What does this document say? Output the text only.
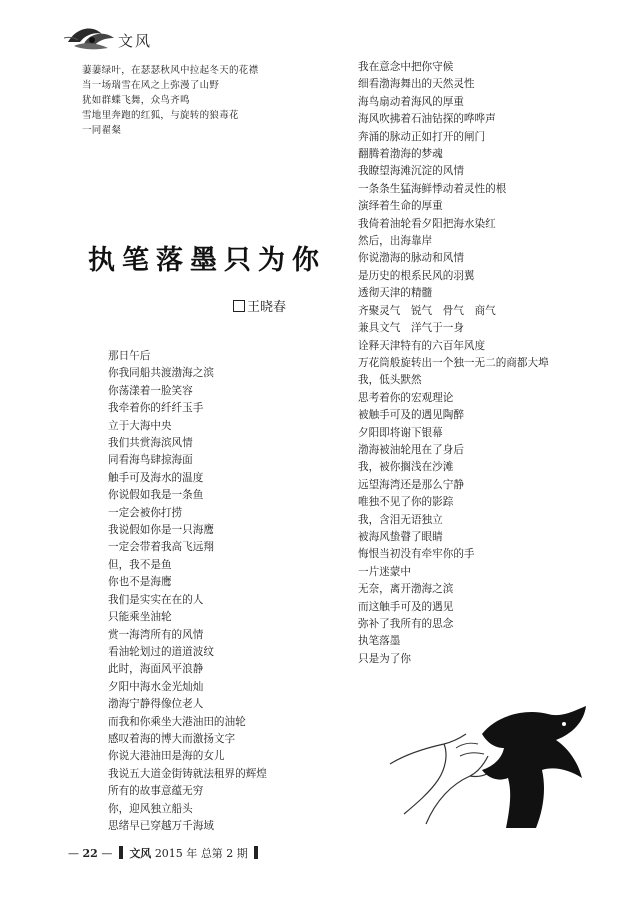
文风
萋萋绿叶，在瑟瑟秋风中拉起冬天的花襟
当一场瑞雪在风之上弥漫了山野
犹如群蝶飞舞，众鸟齐鸣
雪地里奔跑的红狐，与旋转的狼毒花
一同翟粲
执笔落墨只为你
王晓春
那日午后
你我同船共渡渤海之滨
你荡漾着一脸笑容
我牵着你的纤纤玉手
立于大海中央
我们共赏海滨风情
同看海鸟肆掠海面
触手可及海水的温度
你说假如我是一条鱼
一定会被你打捞
我说假如你是一只海鹰
一定会带着我高飞远翔
但，我不是鱼
你也不是海鹰
我们是实实在在的人
只能乘坐油轮
赏一海湾所有的风情
看油轮划过的道道波纹
此时，海面风平浪静
夕阳中海水金光灿灿
渤海宁静得像位老人
而我和你乘坐大港油田的油轮
感叹着海的博大而激扬文字
你说大港油田是海的女儿
我说五大道金街铸就法租界的辉煌
所有的故事意蕴无穷
你，迎风独立船头
思绪早已穿越万千海域
我在意念中把你守候
细看渤海舞出的天然灵性
海鸟扇动着海风的厚重
海风吹拂着石油钻探的哗哗声
奔涌的脉动正如打开的闸门
翻腾着渤海的梦魂
我瞭望海滩沉淀的风情
一条条生猛海鲜悸动着灵性的根
演绎着生命的厚重
我倚着油轮看夕阳把海水染红
然后，出海靠岸
你说渤海的脉动和风情
是历史的根系民风的羽翼
透彻天津的精髓
齐聚灵气　锐气　骨气　商气
兼具文气　洋气于一身
诠释天津特有的六百年风度
万花筒般旋转出一个独一无二的商都大埠
我，低头默然
思考着你的宏观理论
被触手可及的遇见陶醉
夕阳即将谢下银幕
渤海被油轮甩在了身后
我，被你搁浅在沙滩
远望海湾还是那么宁静
唯独不见了你的影踪
我，含泪无语独立
被海风蛰瞽了眼睛
悔恨当初没有牵牢你的手
一片迷蒙中
无奈，离开渤海之滨
而这触手可及的遇见
弥补了我所有的思念
执笔落墨
只是为了你
— 22 — 文风 2015 年 总第 2 期
